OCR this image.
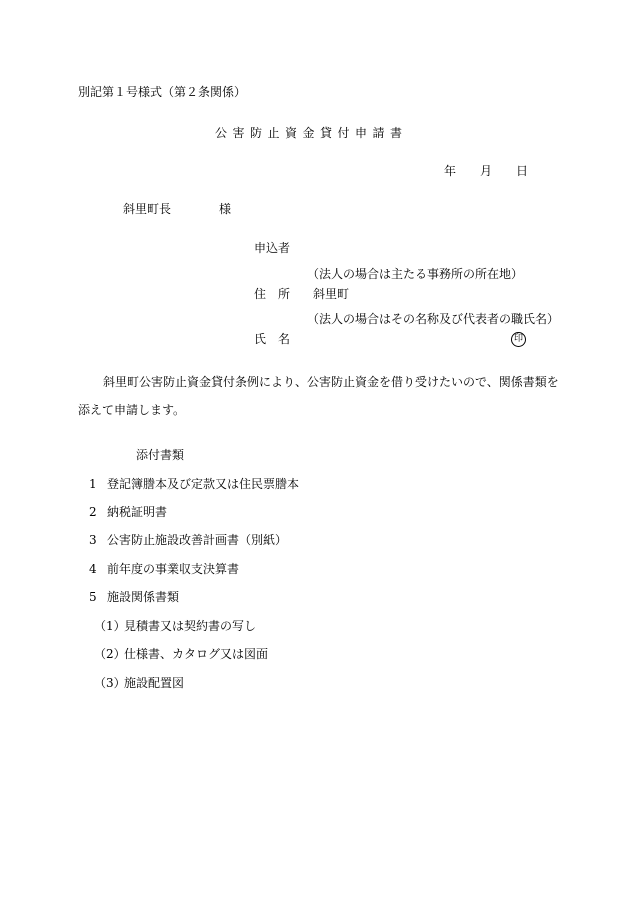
別記第１号様式（第２条関係）
公害防止資金貸付申請書
年 月 日
斜里町長	様
申込者
（法人の場合は主たる事務所の所在地）
住 所 斜里町
（法人の場合はその名称及び代表者の職氏名）
氏 名	印
斜里町公害防止資金貸付条例により、公害防止資金を借り受けたいので、関係書類を
添えて申請します。
添付書類
1 登記簿謄本及び定款又は住民票謄本
2 納税証明書
3 公害防止施設改善計画書（別紙）
4 前年度の事業収支決算書
5 施設関係書類
（1）
見積書又は契約書の写し
（2）
仕様書、カタログ又は図面
（3）
施設配置図
